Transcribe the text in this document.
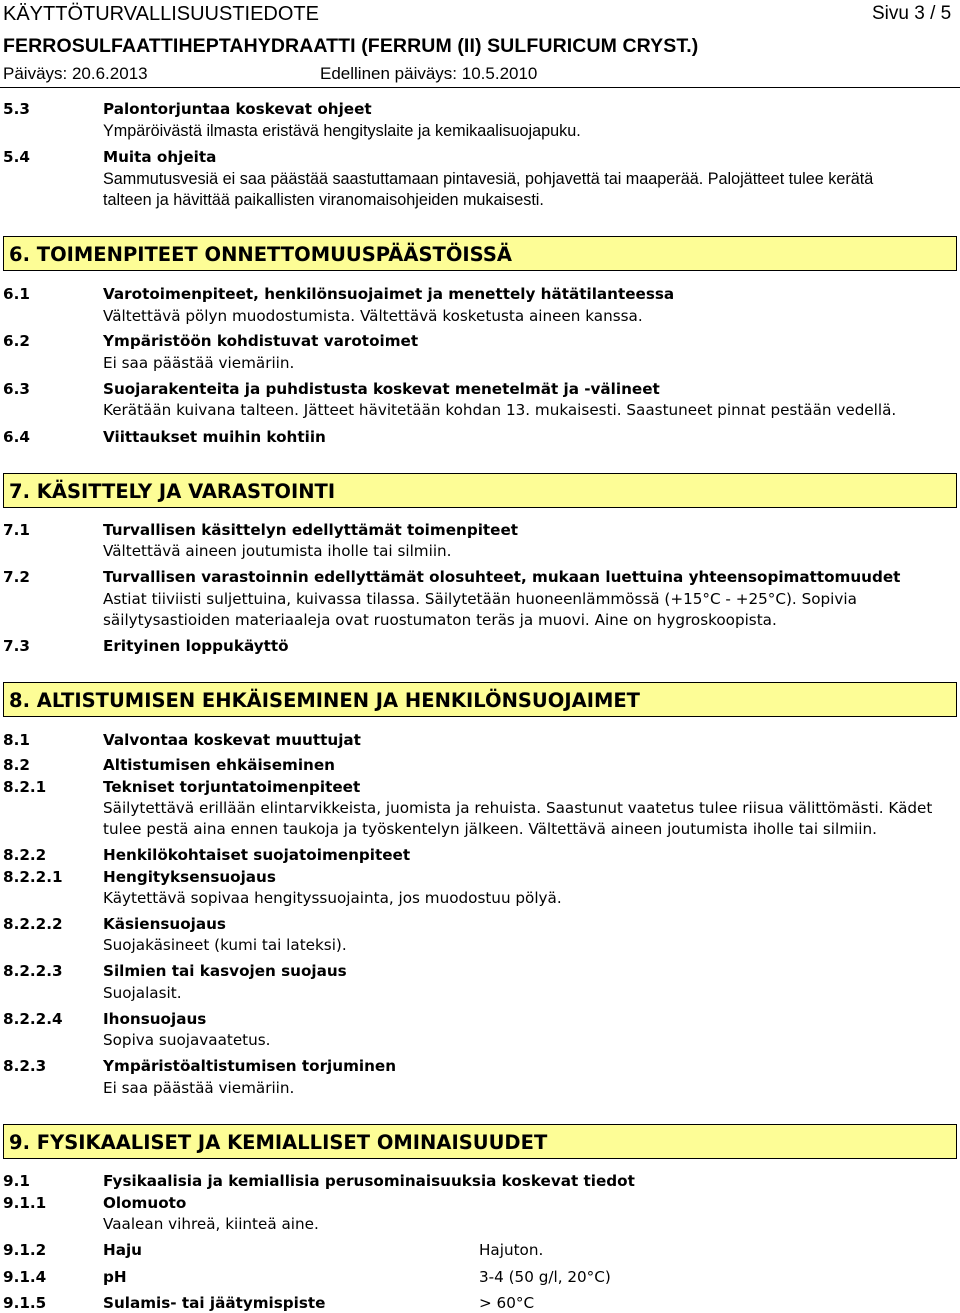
KÄYTTÖTURVALLISUUSTIEDOTE	Sivu 3 / 5
FERROSULFAATTIHEPTAHYDRAATTI (FERRUM (II) SULFURICUM CRYST.)
Päiväys: 20.6.2013	Edellinen päiväys: 10.5.2010
5.3	Palontorjuntaa koskevat ohjeet
Ympäröivästä ilmasta eristävä hengityslaite ja kemikaalisuojapuku.
5.4	Muita ohjeita
Sammutusvesiä ei saa päästää saastuttamaan pintavesiä, pohjavettä tai maaperää. Palojätteet tulee kerätä
talteen ja hävittää paikallisten viranomaisohjeiden mukaisesti.
6. TOIMENPITEET ONNETTOMUUSPÄÄSTÖISSÄ
6.1	Varotoimenpiteet, henkilönsuojaimet ja menettely hätätilanteessa
Vältettävä pölyn muodostumista. Vältettävä kosketusta aineen kanssa.
6.2	Ympäristöön kohdistuvat varotoimet
Ei saa päästää viemäriin.
6.3	Suojarakenteita ja puhdistusta koskevat menetelmät ja -välineet
Kerätään kuivana talteen. Jätteet hävitetään kohdan 13. mukaisesti. Saastuneet pinnat pestään vedellä.
6.4	Viittaukset muihin kohtiin
7. KÄSITTELY JA VARASTOINTI
7.1	Turvallisen käsittelyn edellyttämät toimenpiteet
Vältettävä aineen joutumista iholle tai silmiin.
7.2	Turvallisen varastoinnin edellyttämät olosuhteet, mukaan luettuina yhteensopimattomuudet
Astiat tiiviisti suljettuina, kuivassa tilassa. Säilytetään huoneenlämmössä (+15°C - +25°C). Sopivia
säilytysastioiden materiaaleja ovat ruostumaton teräs ja muovi. Aine on hygroskoopista.
7.3	Erityinen loppukäyttö
8. ALTISTUMISEN EHKÄISEMINEN JA HENKILÖNSUOJAIMET
8.1	Valvontaa koskevat muuttujat
8.2	Altistumisen ehkäiseminen
8.2.1	Tekniset torjuntatoimenpiteet
Säilytettävä erillään elintarvikkeista, juomista ja rehuista. Saastunut vaatetus tulee riisua välittömästi. Kädet
tulee pestä aina ennen taukoja ja työskentelyn jälkeen. Vältettävä aineen joutumista iholle tai silmiin.
8.2.2	Henkilökohtaiset suojatoimenpiteet
8.2.2.1	Hengityksensuojaus
Käytettävä sopivaa hengityssuojainta, jos muodostuu pölyä.
8.2.2.2	Käsiensuojaus
Suojakäsineet (kumi tai lateksi).
8.2.2.3	Silmien tai kasvojen suojaus
Suojalasit.
8.2.2.4	Ihonsuojaus
Sopiva suojavaatetus.
8.2.3	Ympäristöaltistumisen torjuminen
Ei saa päästää viemäriin.
9. FYSIKAALISET JA KEMIALLISET OMINAISUUDET
9.1	Fysikaalisia ja kemiallisia perusominaisuuksia koskevat tiedot
9.1.1	Olomuoto
Vaalean vihreä, kiinteä aine.
9.1.2	Haju	Hajuton.
9.1.4	pH	3-4 (50 g/l, 20°C)
9.1.5	Sulamis- tai jäätymispiste	> 60°C
